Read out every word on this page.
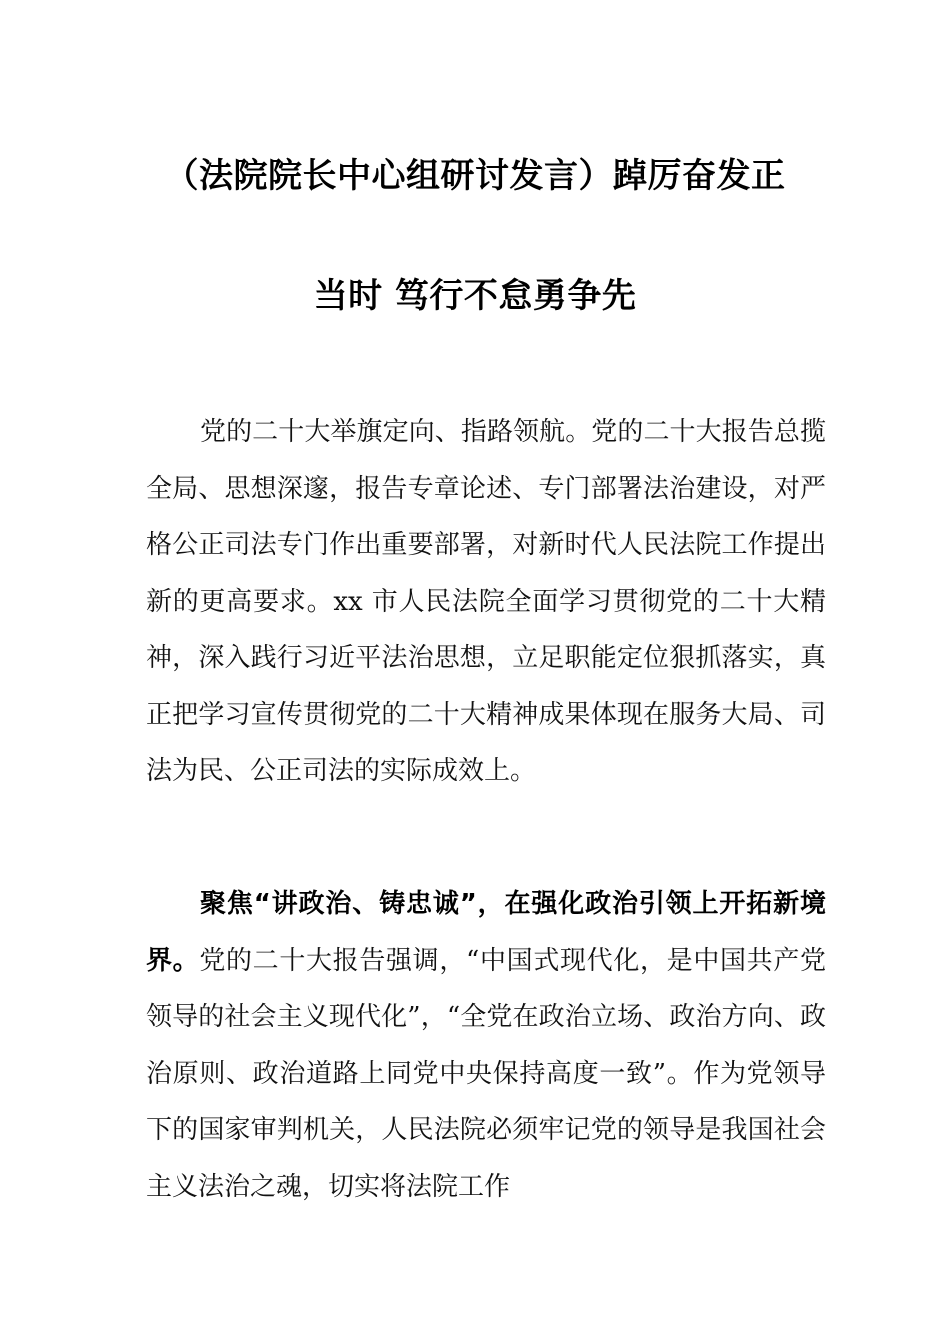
（法院院长中心组研讨发言）踔厉奋发正
当时 笃行不怠勇争先

党的二十大举旗定向、指路领航。党的二十大报告总揽全局、思想深邃，报告专章论述、专门部署法治建设，对严格公正司法专门作出重要部署，对新时代人民法院工作提出新的更高要求。xx 市人民法院全面学习贯彻党的二十大精神，深入践行习近平法治思想，立足职能定位狠抓落实，真正把学习宣传贯彻党的二十大精神成果体现在服务大局、司法为民、公正司法的实际成效上。

聚焦“讲政治、铸忠诚”，在强化政治引领上开拓新境界。党的二十大报告强调，“中国式现代化，是中国共产党领导的社会主义现代化”，“全党在政治立场、政治方向、政治原则、政治道路上同党中央保持高度一致”。作为党领导下的国家审判机关，人民法院必须牢记党的领导是我国社会主义法治之魂，切实将法院工作
